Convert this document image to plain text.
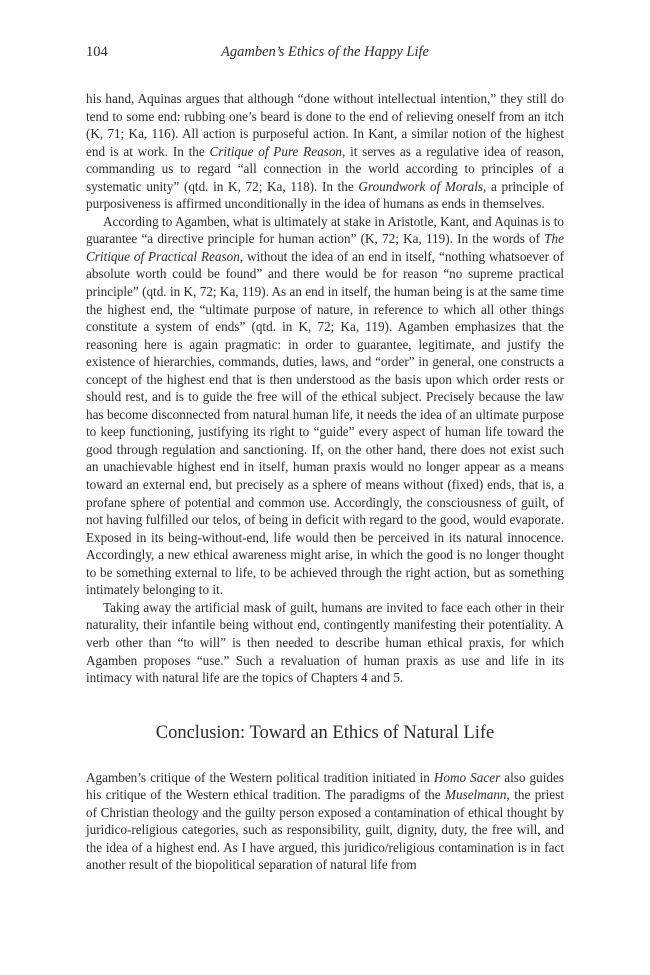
104	Agamben’s Ethics of the Happy Life

his hand, Aquinas argues that although “done without intellectual intention,” they still do tend to some end: rubbing one’s beard is done to the end of relieving oneself from an itch (K, 71; Ka, 116). All action is purposeful action. In Kant, a similar notion of the highest end is at work. In the Critique of Pure Reason, it serves as a regulative idea of reason, commanding us to regard “all connection in the world according to principles of a systematic unity” (qtd. in K, 72; Ka, 118). In the Groundwork of Morals, a principle of purposiveness is affirmed unconditionally in the idea of humans as ends in themselves.

According to Agamben, what is ultimately at stake in Aristotle, Kant, and Aquinas is to guarantee “a directive principle for human action” (K, 72; Ka, 119). In the words of The Critique of Practical Reason, without the idea of an end in itself, “nothing whatsoever of absolute worth could be found” and there would be for reason “no supreme practical principle” (qtd. in K, 72; Ka, 119). As an end in itself, the human being is at the same time the highest end, the “ultimate purpose of nature, in reference to which all other things constitute a system of ends” (qtd. in K, 72; Ka, 119). Agamben emphasizes that the reasoning here is again pragmatic: in order to guarantee, legitimate, and justify the existence of hierarchies, commands, duties, laws, and “order” in general, one constructs a concept of the highest end that is then understood as the basis upon which order rests or should rest, and is to guide the free will of the ethical subject. Precisely because the law has become disconnected from natural human life, it needs the idea of an ultimate purpose to keep functioning, justifying its right to “guide” every aspect of human life toward the good through regulation and sanctioning. If, on the other hand, there does not exist such an unachievable highest end in itself, human praxis would no longer appear as a means toward an external end, but precisely as a sphere of means without (fixed) ends, that is, a profane sphere of potential and common use. Accordingly, the consciousness of guilt, of not having fulfilled our telos, of being in deficit with regard to the good, would evaporate. Exposed in its being-without-end, life would then be perceived in its natural innocence. Accordingly, a new ethical awareness might arise, in which the good is no longer thought to be something external to life, to be achieved through the right action, but as something intimately belonging to it.

Taking away the artificial mask of guilt, humans are invited to face each other in their naturality, their infantile being without end, contingently manifesting their potentiality. A verb other than “to will” is then needed to describe human ethical praxis, for which Agamben proposes “use.” Such a revaluation of human praxis as use and life in its intimacy with natural life are the topics of Chapters 4 and 5.

Conclusion: Toward an Ethics of Natural Life

Agamben’s critique of the Western political tradition initiated in Homo Sacer also guides his critique of the Western ethical tradition. The paradigms of the Muselmann, the priest of Christian theology and the guilty person exposed a contamination of ethical thought by juridico-religious categories, such as responsibility, guilt, dignity, duty, the free will, and the idea of a highest end. As I have argued, this juridico/religious contamination is in fact another result of the biopolitical separation of natural life from
